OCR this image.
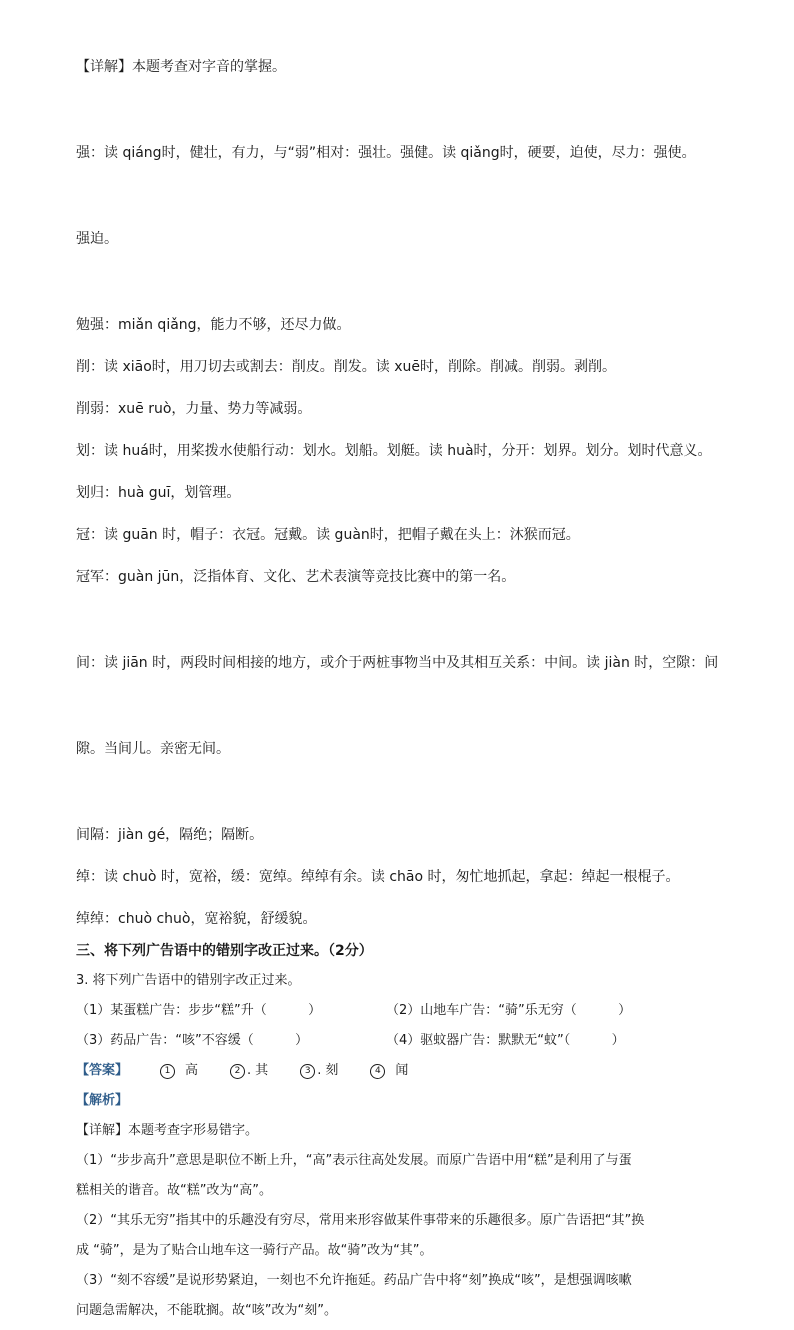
【详解】本题考查对字音的掌握。

强：读 qiáng时，健壮，有力，与“弱”相对：强壮。强健。读 qiǎng时，硬要，迫使，尽力：强使。

强迫。

勉强：miǎn qiǎng，能力不够，还尽力做。
削：读 xiāo时，用刀切去或割去：削皮。削发。读 xuē时，削除。削减。削弱。剥削。
削弱：xuē ruò，力量、势力等减弱。
划：读 huá时，用桨拨水使船行动：划水。划船。划艇。读 huà时，分开：划界。划分。划时代意义。
划归：huà guī，划管理。
冠：读 guān 时，帽子：衣冠。冠戴。读 guàn时，把帽子戴在头上：沐猴而冠。
冠军：guàn jūn，泛指体育、文化、艺术表演等竞技比赛中的第一名。

间：读 jiān 时，两段时间相接的地方，或介于两桩事物当中及其相互关系：中间。读 jiàn 时，空隙：间

隙。当间儿。亲密无间。

间隔：jiàn gé，隔绝；隔断。
绰：读 chuò 时，宽裕，缓：宽绰。绰绰有余。读 chāo 时，匆忙地抓起，拿起：绰起一根棍子。
绰绰：chuò chuò，宽裕貌，舒缓貌。
三、将下列广告语中的错别字改正过来。（2分）
3. 将下列广告语中的错别字改正过来。
（1）某蛋糕广告：步步“糕”升（          ）	（2）山地车广告：“骑”乐无穷（          ）
（3）药品广告：“咳”不容缓（          ）	（4）驱蚊器广告：默默无“蚊”（          ）
【答案】	1	高	2 . 其	3 . 刻	4	闻
【解析】
【详解】本题考查字形易错字。
（1）“步步高升”意思是职位不断上升，“高”表示往高处发展。而原广告语中用“糕”是利用了与蛋
糕相关的谐音。故“糕”改为“高”。
（2）“其乐无穷”指其中的乐趣没有穷尽，常用来形容做某件事带来的乐趣很多。原广告语把“其”换
成 “骑”，是为了贴合山地车这一骑行产品。故“骑”改为“其”。
（3）“刻不容缓”是说形势紧迫，一刻也不允许拖延。药品广告中将“刻”换成“咳”，是想强调咳嗽
问题急需解决，不能耽搁。故“咳”改为“刻”。
